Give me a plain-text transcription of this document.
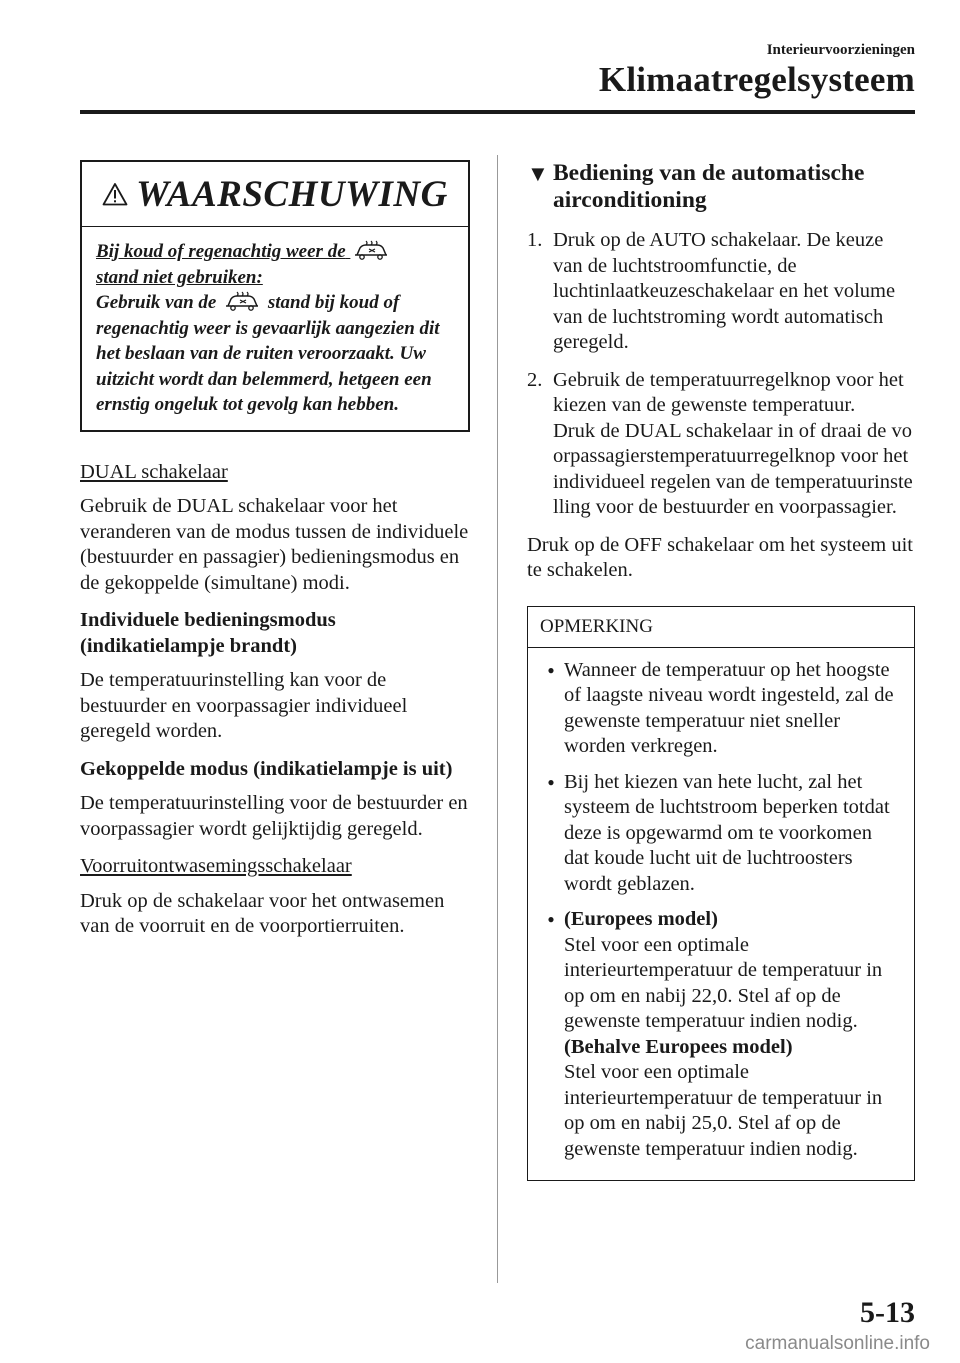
Interieurvoorzieningen
Klimaatregelsysteem
WAARSCHUWING
Bij koud of regenachtig weer de
stand niet gebruiken:
Gebruik van de	stand bij koud of regenachtig weer is gevaarlijk aangezien dit het beslaan van de ruiten veroorzaakt. Uw uitzicht wordt dan belemmerd, hetgeen een ernstig ongeluk tot gevolg kan hebben.
DUAL schakelaar

Gebruik de DUAL schakelaar voor het veranderen van de modus tussen de individuele (bestuurder en passagier) bedieningsmodus en de gekoppelde (simultane) modi.

Individuele bedieningsmodus (indikatielampje brandt)

De temperatuurinstelling kan voor de bestuurder en voorpassagier individueel geregeld worden.

Gekoppelde modus (indikatielampje is uit)

De temperatuurinstelling voor de bestuurder en voorpassagier wordt gelijktijdig geregeld.

Voorruitontwasemingsschakelaar

Druk op de schakelaar voor het ontwasemen van de voorruit en de voorportierruiten.

▼ Bediening van de automatische airconditioning
1. Druk op de AUTO schakelaar. De keuze van de luchtstroomfunctie, de luchtinlaatkeuzeschakelaar en het volume van de luchtstroming wordt automatisch geregeld.
2. Gebruik de temperatuurregelknop voor het kiezen van de gewenste temperatuur.
Druk de DUAL schakelaar in of draai de voorpassagierstemperatuurregelknop voor het individueel regelen van de temperatuurinstelling voor de bestuurder en voorpassagier.

Druk op de OFF schakelaar om het systeem uit te schakelen.

OPMERKING
● Wanneer de temperatuur op het hoogste of laagste niveau wordt ingesteld, zal de gewenste temperatuur niet sneller worden verkregen.
● Bij het kiezen van hete lucht, zal het systeem de luchtstroom beperken totdat deze is opgewarmd om te voorkomen dat koude lucht uit de luchtroosters wordt geblazen.
● (Europees model)
Stel voor een optimale interieurtemperatuur de temperatuur in op om en nabij 22,0. Stel af op de gewenste temperatuur indien nodig.
(Behalve Europees model)
Stel voor een optimale interieurtemperatuur de temperatuur in op om en nabij 25,0. Stel af op de gewenste temperatuur indien nodig.
5-13
carmanualsonline.info
